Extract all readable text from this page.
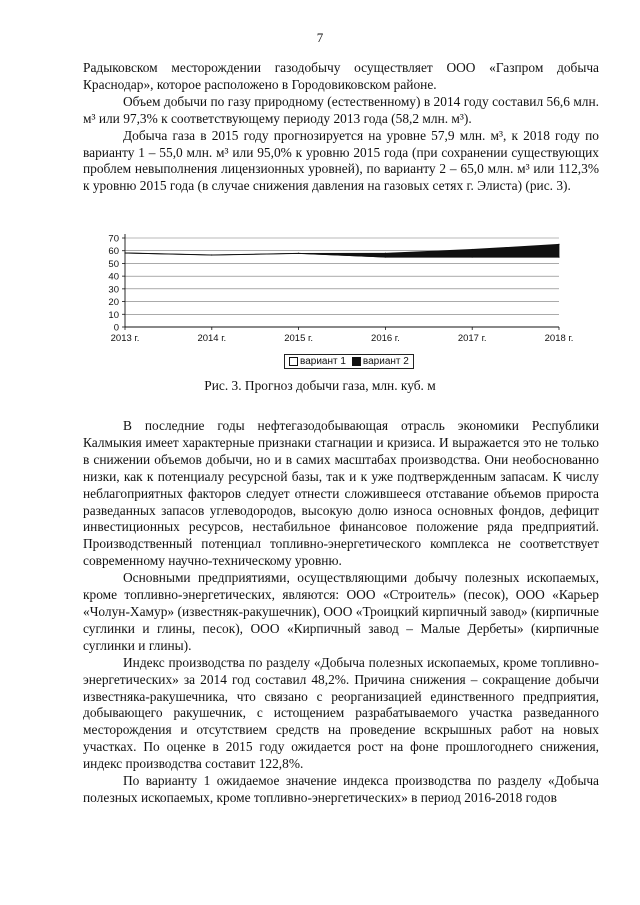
7

Радыковском месторождении газодобычу осуществляет ООО «Газпром добыча Краснодар», которое расположено в Городовиковском районе.

Объем добычи по газу природному (естественному) в 2014 году составил 56,6 млн. м³ или 97,3% к соответствующему периоду 2013 года (58,2 млн. м³).

Добыча газа в 2015 году прогнозируется на уровне 57,9 млн. м³, к 2018 году по варианту 1 – 55,0 млн. м³ или 95,0% к уровню 2015 года (при сохранении существующих проблем невыполнения лицензионных уровней), по варианту 2 – 65,0 млн. м³ или 112,3% к уровню 2015 года (в случае снижения давления на газовых сетях г. Элиста) (рис. 3).

0
10
20
30
40
50
60
70
2013 г.	2014 г.	2015 г.	2016 г.	2017 г.	2018 г.
вариант 1 вариант 2
Рис. 3. Прогноз добычи газа, млн. куб. м

В последние годы нефтегазодобывающая отрасль экономики Республики Калмыкия имеет характерные признаки стагнации и кризиса. И выражается это не только в снижении объемов добычи, но и в самих масштабах производства. Они необоснованно низки, как к потенциалу ресурсной базы, так и к уже подтвержденным запасам. К числу неблагоприятных факторов следует отнести сложившееся отставание объемов прироста разведанных запасов углеводородов, высокую долю износа основных фондов, дефицит инвестиционных ресурсов, нестабильное финансовое положение ряда предприятий. Производственный потенциал топливно-энергетического комплекса не соответствует современному научно-техническому уровню.

Основными предприятиями, осуществляющими добычу полезных ископаемых, кроме топливно-энергетических, являются: ООО «Строитель» (песок), ООО «Карьер «Чолун-Хамур» (известняк-ракушечник), ООО «Троицкий кирпичный завод» (кирпичные суглинки и глины, песок), ООО «Кирпичный завод – Малые Дербеты» (кирпичные суглинки и глины).

Индекс производства по разделу «Добыча полезных ископаемых, кроме топливно-энергетических» за 2014 год составил 48,2%. Причина снижения – сокращение добычи известняка-ракушечника, что связано с реорганизацией единственного предприятия, добывающего ракушечник, с истощением разрабатываемого участка разведанного месторождения и отсутствием средств на проведение вскрышных работ на новых участках. По оценке в 2015 году ожидается рост на фоне прошлогоднего снижения, индекс производства составит 122,8%.

По варианту 1 ожидаемое значение индекса производства по разделу «Добыча полезных ископаемых, кроме топливно-энергетических» в период 2016-2018 годов
